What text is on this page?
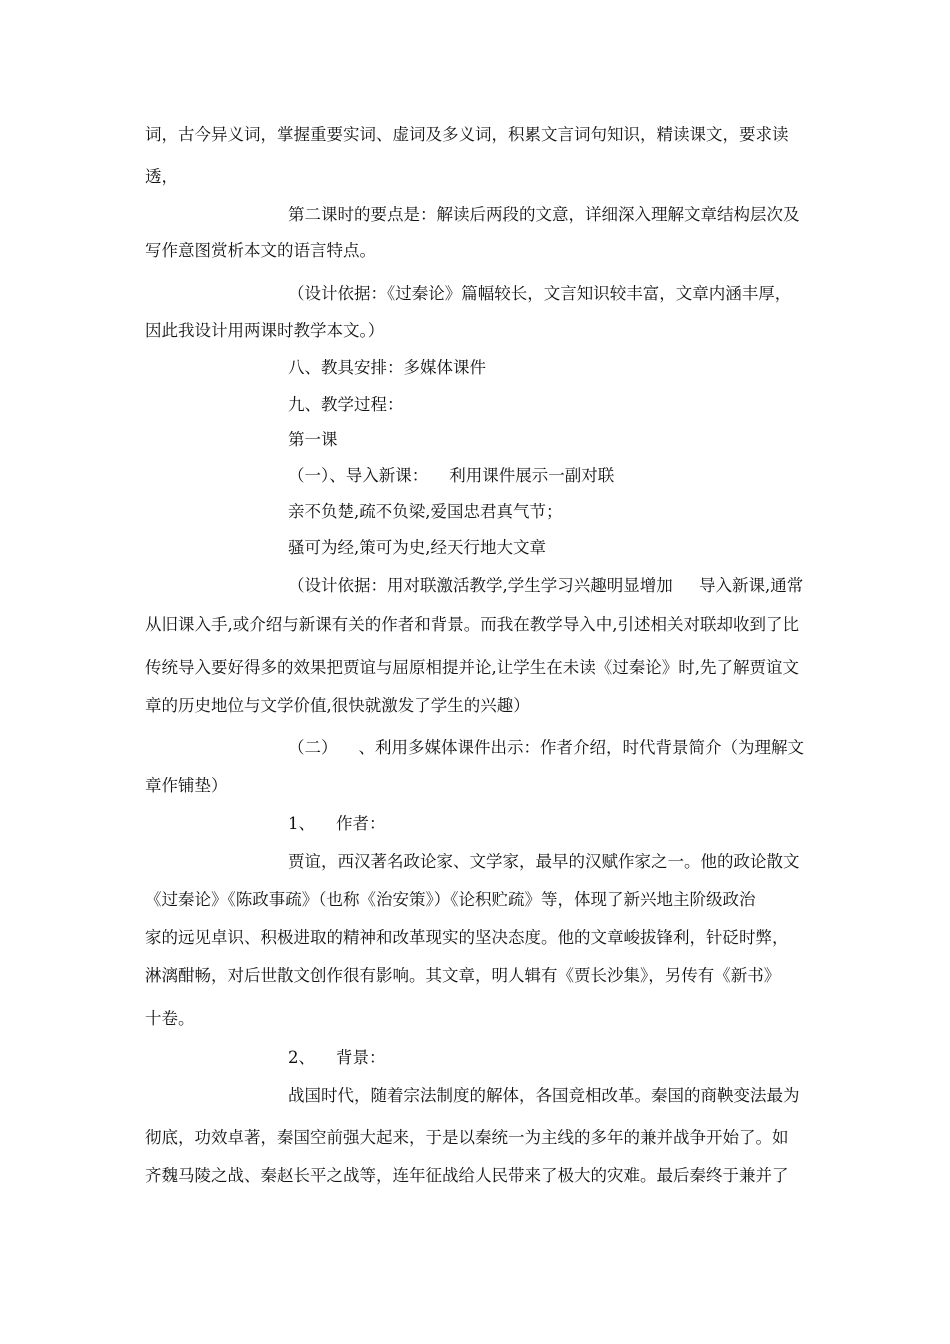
词，古今异义词，掌握重要实词、虚词及多义词，积累文言词句知识，精读课文，要求读

透，

第二课时的要点是：解读后两段的文意，详细深入理解文章结构层次及

写作意图赏析本文的语言特点。

（设计依据：《过秦论》篇幅较长，文言知识较丰富，文章内涵丰厚，

因此我设计用两课时教学本文。）

八、教具安排：多媒体课件

九、教学过程：

第一课

（一）、导入新课：    利用课件展示一副对联

亲不负楚,疏不负梁,爱国忠君真气节；

骚可为经,策可为史,经天行地大文章

（设计依据：用对联激活教学,学生学习兴趣明显增加     导入新课,通常

从旧课入手,或介绍与新课有关的作者和背景。而我在教学导入中,引述相关对联却收到了比

传统导入要好得多的效果把贾谊与屈原相提并论,让学生在未读《过秦论》时,先了解贾谊文

章的历史地位与文学价值,很快就激发了学生的兴趣）

（二）    、利用多媒体课件出示：作者介绍，时代背景简介（为理解文

章作铺垫）

1、    作者：

贾谊，西汉著名政论家、文学家，最早的汉赋作家之一。他的政论散文

《过秦论》《陈政事疏》（也称《治安策》）《论积贮疏》等，体现了新兴地主阶级政治

家的远见卓识、积极进取的精神和改革现实的坚决态度。他的文章峻拔锋利，针砭时弊，

淋漓酣畅，对后世散文创作很有影响。其文章，明人辑有《贾长沙集》，另传有《新书》

十卷。

2、    背景：

战国时代，随着宗法制度的解体，各国竞相改革。秦国的商鞅变法最为

彻底，功效卓著，秦国空前强大起来，于是以秦统一为主线的多年的兼并战争开始了。如

齐魏马陵之战、秦赵长平之战等，连年征战给人民带来了极大的灾难。最后秦终于兼并了
